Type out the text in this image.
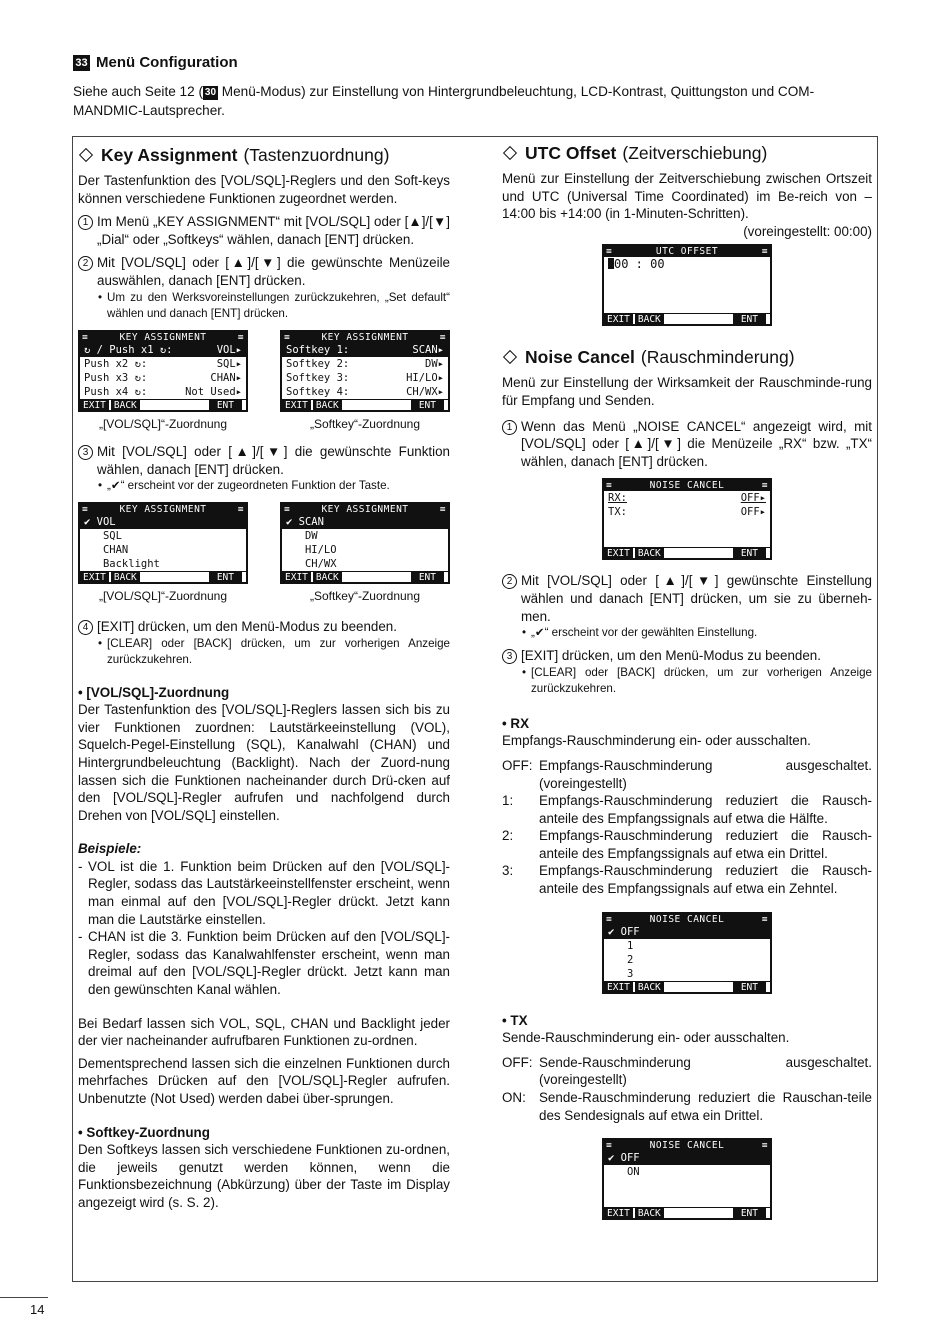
33 Menü Configuration
Siehe auch Seite 12 ( 30 Menü-Modus) zur Einstellung von Hintergrundbeleuchtung, LCD-Kontrast, Quittungston und COM-MANDMIC-Lautsprecher.
Key Assignment (Tastenzuordnung)

Der Tastenfunktion des [VOL/SQL]-Reglers und den Soft-keys können verschiedene Funktionen zugeordnet werden.

1 Im Menü „KEY ASSIGNMENT“ mit [VOL/SQL] oder [▲]/[▼] „Dial“ oder „Softkeys“ wählen, danach [ENT] drücken.
2 Mit [VOL/SQL] oder [▲]/[▼] die gewünschte Menüzeile auswählen, danach [ENT] drücken.
• Um zu den Werksvoreinstellungen zurückzukehren, „Set default“ wählen und danach [ENT] drücken.
≡	KEY ASSIGNMENT	≡
↻ / Push x1 ↻:	VOL▸
Push x2 ↻:	SQL▸
Push x3 ↻:	CHAN▸
Push x4 ↻:	Not Used▸
EXIT BACK	ENT
„[VOL/SQL]“-Zuordnung
≡	KEY ASSIGNMENT	≡
Softkey 1:	SCAN▸
Softkey 2:	DW▸
Softkey 3:	HI/LO▸
Softkey 4:	CH/WX▸
EXIT BACK	ENT
„Softkey“-Zuordnung
3 Mit [VOL/SQL] oder [▲]/[▼] die gewünschte Funktion wählen, danach [ENT] drücken.
• „✔“ erscheint vor der zugeordneten Funktion der Taste.
≡	KEY ASSIGNMENT	≡
✔ VOL
SQL
CHAN
Backlight
EXIT BACK	ENT
„[VOL/SQL]“-Zuordnung
≡	KEY ASSIGNMENT	≡
✔ SCAN
DW
HI/LO
CH/WX
EXIT BACK	ENT
„Softkey“-Zuordnung
4 [EXIT] drücken, um den Menü-Modus zu beenden.
• [CLEAR] oder [BACK] drücken, um zur vorherigen Anzeige zurückzukehren.
• [VOL/SQL]-Zuordnung

Der Tastenfunktion des [VOL/SQL]-Reglers lassen sich bis zu vier Funktionen zuordnen: Lautstärkeeinstellung (VOL), Squelch-Pegel-Einstellung (SQL), Kanalwahl (CHAN) und Hintergrundbeleuchtung (Backlight). Nach der Zuord-nung lassen sich die Funktionen nacheinander durch Drü-cken auf den [VOL/SQL]-Regler aufrufen und nachfolgend durch Drehen von [VOL/SQL] einstellen.

Beispiele:
- VOL ist die 1. Funktion beim Drücken auf den [VOL/SQL]-Regler, sodass das Lautstärkeeinstellfenster erscheint, wenn man einmal auf den [VOL/SQL]-Regler drückt. Jetzt kann man die Lautstärke einstellen.
- CHAN ist die 3. Funktion beim Drücken auf den [VOL/SQL]-Regler, sodass das Kanalwahlfenster erscheint, wenn man dreimal auf den [VOL/SQL]-Regler drückt. Jetzt kann man den gewünschten Kanal wählen.

Bei Bedarf lassen sich VOL, SQL, CHAN und Backlight jeder der vier nacheinander aufrufbaren Funktionen zu-ordnen.

Dementsprechend lassen sich die einzelnen Funktionen durch mehrfaches Drücken auf den [VOL/SQL]-Regler aufrufen. Unbenutzte (Not Used) werden dabei über-sprungen.

• Softkey-Zuordnung

Den Softkeys lassen sich verschiedene Funktionen zu-ordnen, die jeweils genutzt werden können, wenn die Funktionsbezeichnung (Abkürzung) über der Taste im Display angezeigt wird (s. S. 2).

UTC Offset (Zeitverschiebung)

Menü zur Einstellung der Zeitverschiebung zwischen Ortszeit und UTC (Universal Time Coordinated) im Be-reich von –14:00 bis +14:00 (in 1-Minuten-Schritten).

(voreingestellt: 00:00)
≡	UTC OFFSET	≡
00 : 00
EXIT BACK	ENT
Noise Cancel (Rauschminderung)

Menü zur Einstellung der Wirksamkeit der Rauschminde-rung für Empfang und Senden.

1 Wenn das Menü „NOISE CANCEL“ angezeigt wird, mit [VOL/SQL] oder [▲]/[▼] die Menüzeile „RX“ bzw. „TX“ wählen, danach [ENT] drücken.
≡	NOISE CANCEL	≡
RX:	OFF▸
TX:	OFF▸
EXIT BACK	ENT
2 Mit [VOL/SQL] oder [▲]/[▼] gewünschte Einstellung wählen und danach [ENT] drücken, um sie zu überneh-men.
• „✔“ erscheint vor der gewählten Einstellung.
3 [EXIT] drücken, um den Menü-Modus zu beenden.
• [CLEAR] oder [BACK] drücken, um zur vorherigen Anzeige zurückzukehren.
• RX

Empfangs-Rauschminderung ein- oder ausschalten.

OFF: Empfangs-Rauschminderung ausgeschaltet. (voreingestellt)
1:	Empfangs-Rauschminderung reduziert die Rausch-anteile des Empfangssignals auf etwa die Hälfte.
2:	Empfangs-Rauschminderung reduziert die Rausch-anteile des Empfangssignals auf etwa ein Drittel.
3:	Empfangs-Rauschminderung reduziert die Rausch-anteile des Empfangssignals auf etwa ein Zehntel.
≡	NOISE CANCEL	≡
✔ OFF
1
2
3
EXIT BACK	ENT
• TX

Sende-Rauschminderung ein- oder ausschalten.

OFF: Sende-Rauschminderung ausgeschaltet. (voreingestellt)
ON: Sende-Rauschminderung reduziert die Rauschan-teile des Sendesignals auf etwa ein Drittel.
≡	NOISE CANCEL	≡
✔ OFF
ON
EXIT BACK	ENT
14
